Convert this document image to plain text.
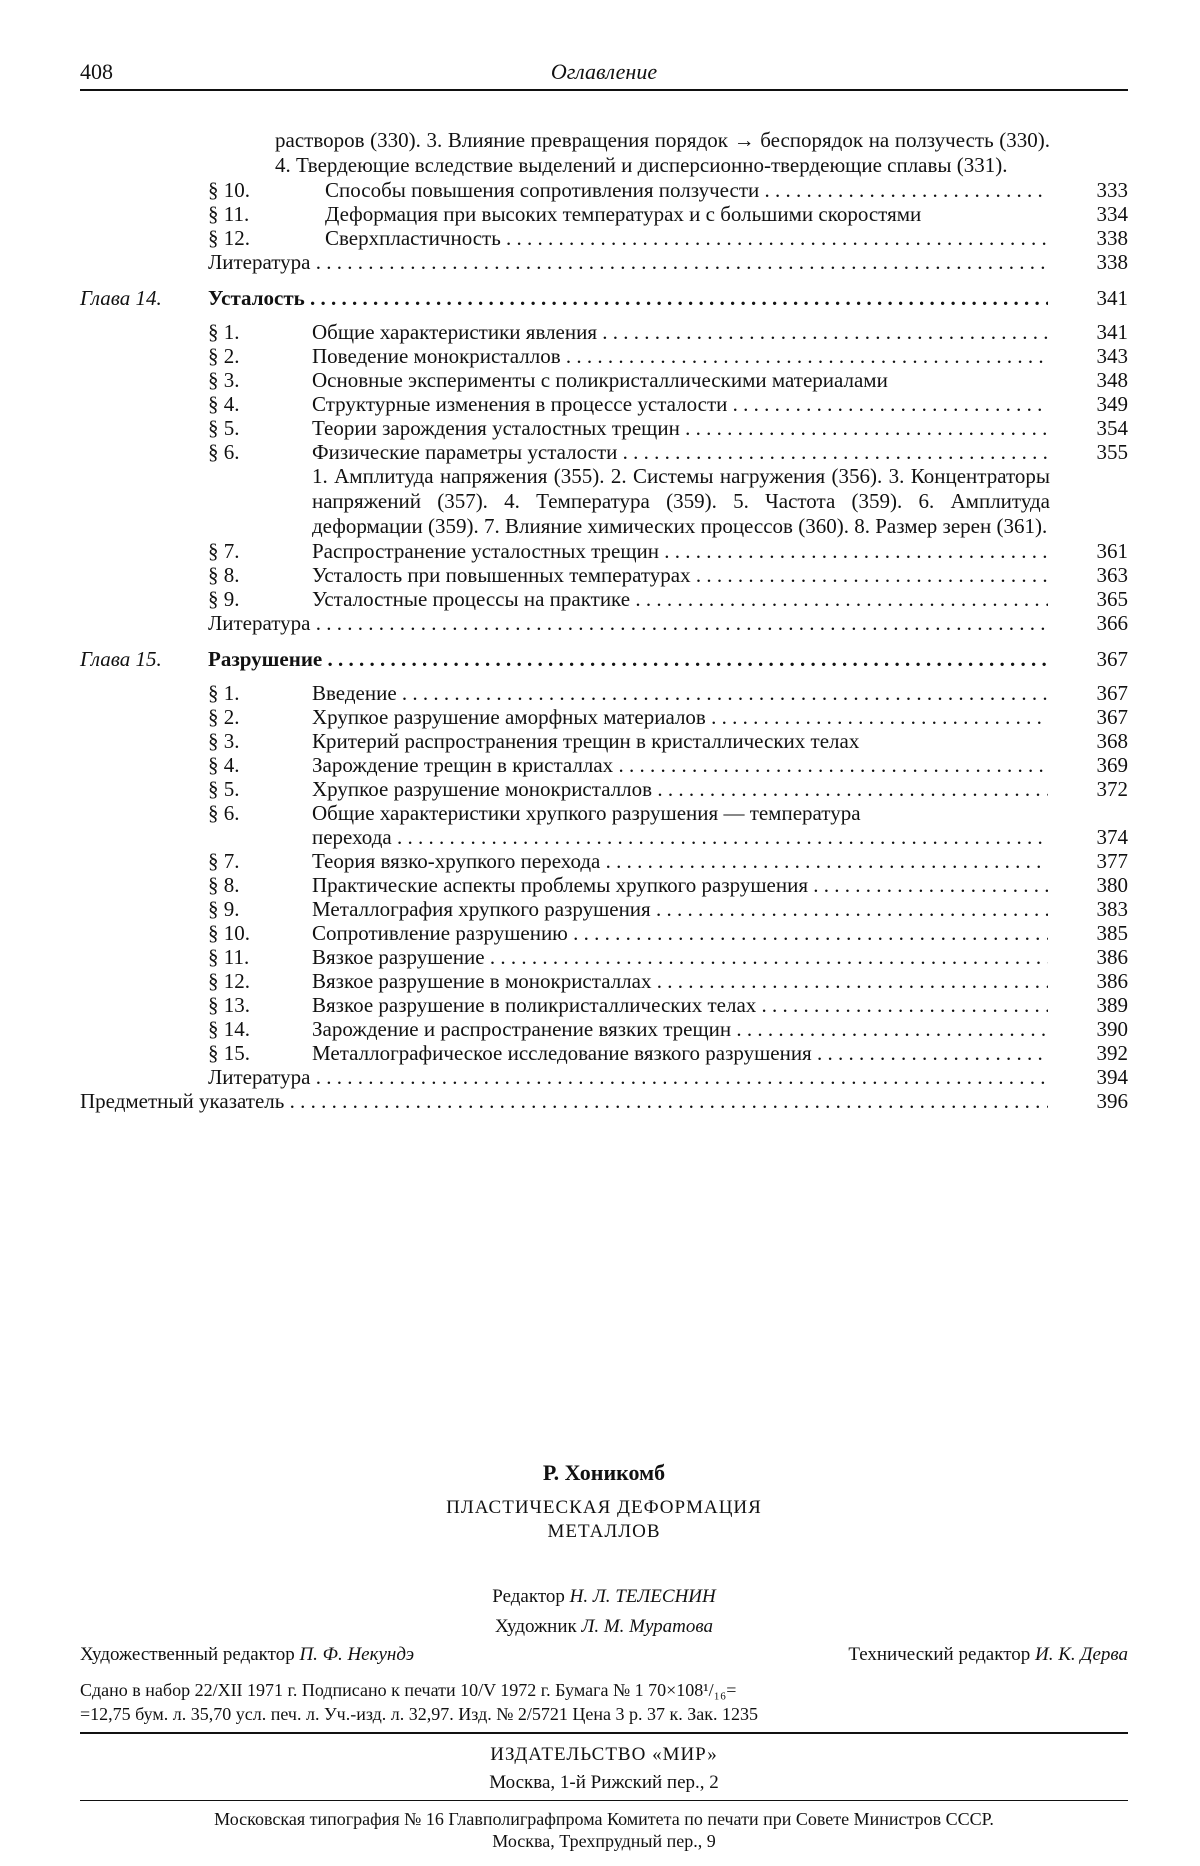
408	Оглавление
растворов (330). 3. Влияние превращения порядок → беспорядок на ползучесть (330). 4. Твердеющие вследствие выделений и дисперсионно-твердеющие сплавы (331).
§ 10.	Способы повышения сопротивления ползучести . . .	333
§ 11.	Деформация при высоких температурах и с большими скоростями	334
§ 12.	Сверхпластичность . . .	338
Литература . . .	338
Глава 14. Усталость . . .	341
§ 1.	Общие характеристики явления . . .	341
§ 2.	Поведение монокристаллов . . .	343
§ 3.	Основные эксперименты с поликристаллическими материалами	348
§ 4.	Структурные изменения в процессе усталости . . .	349
§ 5.	Теории зарождения усталостных трещин . . .	354
§ 6.	Физические параметры усталости . . .	355
1. Амплитуда напряжения (355). 2. Системы нагружения (356). 3. Концентраторы напряжений (357). 4. Температура (359). 5. Частота (359). 6. Амплитуда деформации (359). 7. Влияние химических процессов (360). 8. Размер зерен (361).
§ 7.	Распространение усталостных трещин . . .	361
§ 8.	Усталость при повышенных температурах . . .	363
§ 9.	Усталостные процессы на практике . . .	365
Литература . . .	366
Глава 15. Разрушение . . .	367
§ 1.	Введение . . .	367
§ 2.	Хрупкое разрушение аморфных материалов . . .	367
§ 3.	Критерий распространения трещин в кристаллических телах	368
§ 4.	Зарождение трещин в кристаллах . . .	369
§ 5.	Хрупкое разрушение монокристаллов . . .	372
§ 6.	Общие характеристики хрупкого разрушения — температура
перехода . . .	374
§ 7.	Теория вязко-хрупкого перехода . . .	377
§ 8.	Практические аспекты проблемы хрупкого разрушения . . .	380
§ 9.	Металлография хрупкого разрушения . . .	383
§ 10.	Сопротивление разрушению . . .	385
§ 11.	Вязкое разрушение . . .	386
§ 12.	Вязкое разрушение в монокристаллах . . .	386
§ 13.	Вязкое разрушение в поликристаллических телах . . .	389
§ 14.	Зарождение и распространение вязких трещин . . .	390
§ 15.	Металлографическое исследование вязкого разрушения . . .	392
Литература . . .	394
Предметный указатель . . .	396
Р. Хоникомб
ПЛАСТИЧЕСКАЯ ДЕФОРМАЦИЯ
МЕТАЛЛОВ
Редактор Н. Л. ТЕЛЕСНИН
Художник Л. М. Муратова
Художественный редактор П. Ф. Некундэ	Технический редактор И. К. Дерва
Сдано в набор 22/XII 1971 г. Подписано к печати 10/V 1972 г. Бумага № 1 70×108¹/₁₆=
=12,75 бум. л. 35,70 усл. печ. л. Уч.-изд. л. 32,97. Изд. № 2/5721 Цена 3 р. 37 к. Зак. 1235
ИЗДАТЕЛЬСТВО «МИР»
Москва, 1-й Рижский пер., 2
Московская типография № 16 Главполиграфпрома Комитета по печати при Совете Министров СССР.
Москва, Трехпрудный пер., 9
